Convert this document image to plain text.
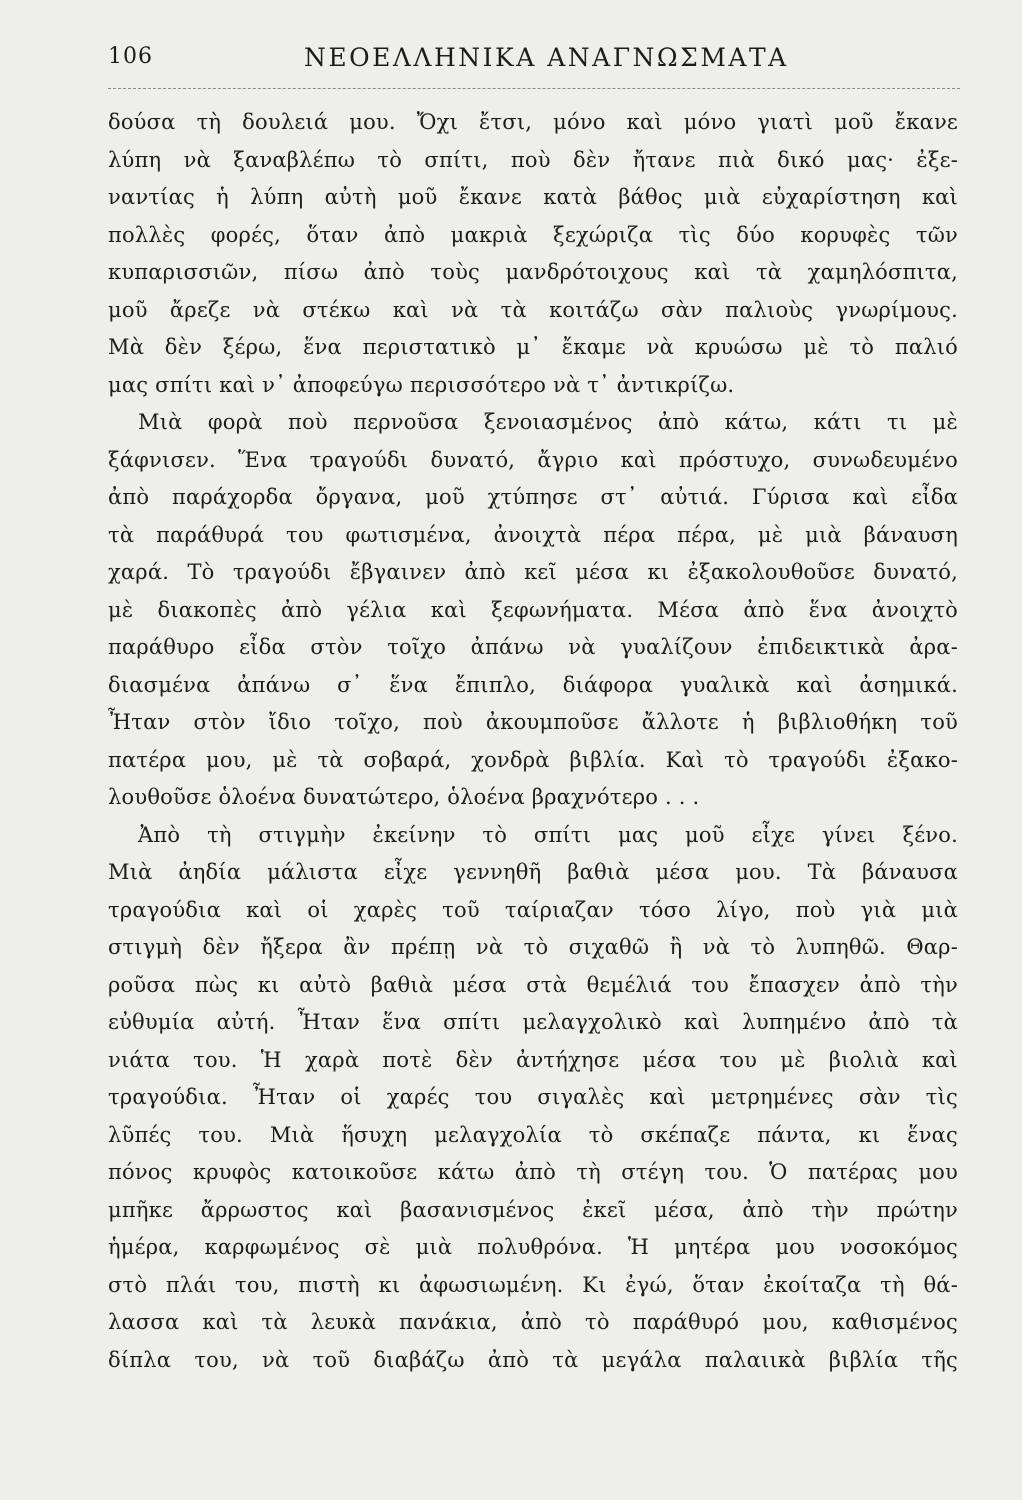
106	ΝΕΟΕΛΛΗΝΙΚΑ ΑΝΑΓΝΩΣΜΑΤΑ
δούσα τὴ δουλειά μου. Ὄχι ἔτσι, μόνο καὶ μόνο γιατὶ μοῦ ἔκανε
λύπη νὰ ξαναβλέπω τὸ σπίτι, ποὺ δὲν ἤτανε πιὰ δικό μας· ἐξε-
ναντίας ἡ λύπη αὐτὴ μοῦ ἔκανε κατὰ βάθος μιὰ εὐχαρίστηση καὶ
πολλὲς φορές, ὅταν ἀπὸ μακριὰ ξεχώριζα τὶς δύο κορυφὲς τῶν
κυπαρισσιῶν, πίσω ἀπὸ τοὺς μανδρότοιχους καὶ τὰ χαμηλόσπιτα,
μοῦ ἄρεζε νὰ στέκω καὶ νὰ τὰ κοιτάζω σὰν παλιοὺς γνωρίμους.
Μὰ δὲν ξέρω, ἕνα περιστατικὸ μ᾽ ἔκαμε νὰ κρυώσω μὲ τὸ παλιό
μας σπίτι καὶ ν᾽ ἀποφεύγω περισσότερο νὰ τ᾽ ἀντικρίζω.
Μιὰ φορὰ ποὺ περνοῦσα ξενοιασμένος ἀπὸ κάτω, κάτι τι μὲ
ξάφνισεν. Ἕνα τραγούδι δυνατό, ἄγριο καὶ πρόστυχο, συνωδευμένο
ἀπὸ παράχορδα ὄργανα, μοῦ χτύπησε στ᾽ αὐτιά. Γύρισα καὶ εἶδα
τὰ παράθυρά του φωτισμένα, ἀνοιχτὰ πέρα πέρα, μὲ μιὰ βάναυση
χαρά. Τὸ τραγούδι ἔβγαινεν ἀπὸ κεῖ μέσα κι ἐξακολουθοῦσε δυνατό,
μὲ διακοπὲς ἀπὸ γέλια καὶ ξεφωνήματα. Μέσα ἀπὸ ἕνα ἀνοιχτὸ
παράθυρο εἶδα στὸν τοῖχο ἀπάνω νὰ γυαλίζουν ἐπιδεικτικὰ ἀρα-
διασμένα ἀπάνω σ᾽ ἕνα ἔπιπλο, διάφορα γυαλικὰ καὶ ἀσημικά.
Ἦταν στὸν ἴδιο τοῖχο, ποὺ ἀκουμποῦσε ἄλλοτε ἡ βιβλιοθήκη τοῦ
πατέρα μου, μὲ τὰ σοβαρά, χονδρὰ βιβλία. Καὶ τὸ τραγούδι ἐξακο-
λουθοῦσε ὁλοένα δυνατώτερο, ὁλοένα βραχνότερο . . .
Ἀπὸ τὴ στιγμὴν ἐκείνην τὸ σπίτι μας μοῦ εἶχε γίνει ξένο.
Μιὰ ἀηδία μάλιστα εἶχε γεννηθῆ βαθιὰ μέσα μου. Τὰ βάναυσα
τραγούδια καὶ οἱ χαρὲς τοῦ ταίριαζαν τόσο λίγο, ποὺ γιὰ μιὰ
στιγμὴ δὲν ἤξερα ἂν πρέπῃ νὰ τὸ σιχαθῶ ἢ νὰ τὸ λυπηθῶ. Θαρ-
ροῦσα πὼς κι αὐτὸ βαθιὰ μέσα στὰ θεμέλιά του ἔπασχεν ἀπὸ τὴν
εὐθυμία αὐτή. Ἦταν ἕνα σπίτι μελαγχολικὸ καὶ λυπημένο ἀπὸ τὰ
νιάτα του. Ἡ χαρὰ ποτὲ δὲν ἀντήχησε μέσα του μὲ βιολιὰ καὶ
τραγούδια. Ἦταν οἱ χαρές του σιγαλὲς καὶ μετρημένες σὰν τὶς
λῦπές του. Μιὰ ἥσυχη μελαγχολία τὸ σκέπαζε πάντα, κι ἕνας
πόνος κρυφὸς κατοικοῦσε κάτω ἀπὸ τὴ στέγη του. Ὁ πατέρας μου
μπῆκε ἄρρωστος καὶ βασανισμένος ἐκεῖ μέσα, ἀπὸ τὴν πρώτην
ἡμέρα, καρφωμένος σὲ μιὰ πολυθρόνα. Ἡ μητέρα μου νοσοκόμος
στὸ πλάι του, πιστὴ κι ἀφωσιωμένη. Κι ἐγώ, ὅταν ἐκοίταζα τὴ θά-
λασσα καὶ τὰ λευκὰ πανάκια, ἀπὸ τὸ παράθυρό μου, καθισμένος
δίπλα του, νὰ τοῦ διαβάζω ἀπὸ τὰ μεγάλα παλαιικὰ βιβλία τῆς
